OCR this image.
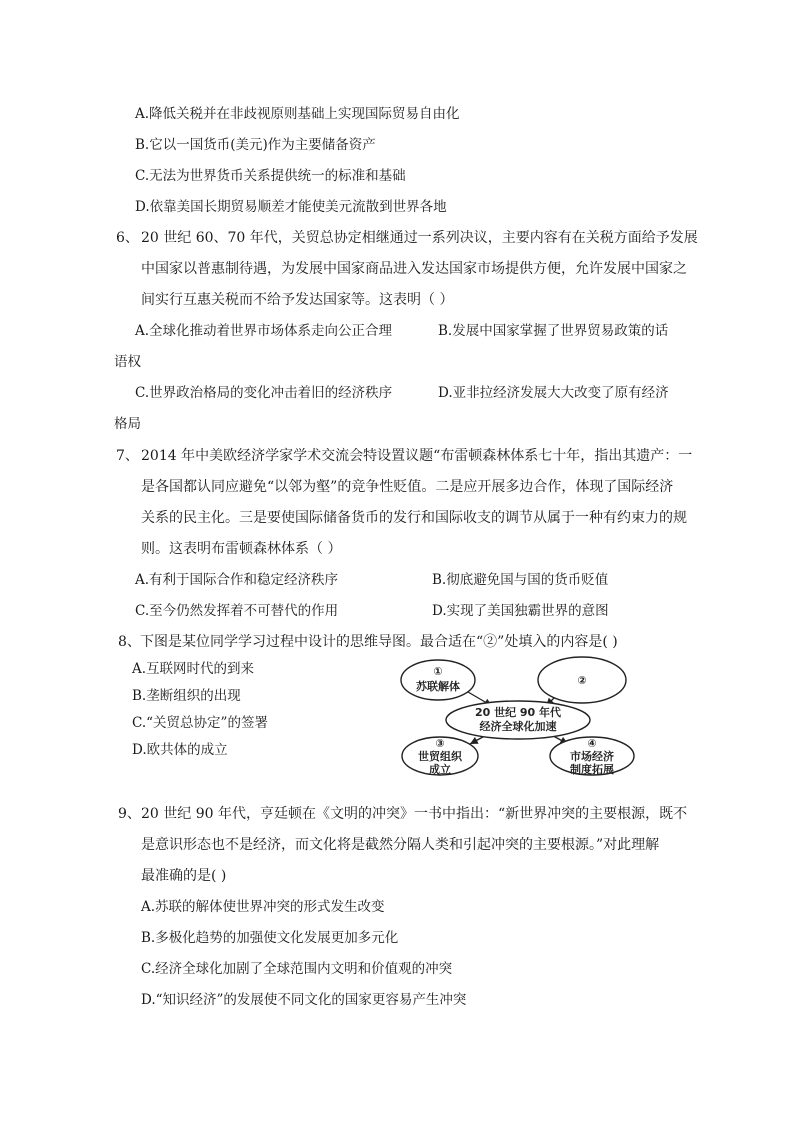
A.降低关税并在非歧视原则基础上实现国际贸易自由化
B.它以一国货币(美元)作为主要储备资产
C.无法为世界货币关系提供统一的标准和基础
D.依靠美国长期贸易顺差才能使美元流散到世界各地
6、 20 世纪 60、70 年代，关贸总协定相继通过一系列决议，主要内容有在关税方面给予发展
中国家以普惠制待遇，为发展中国家商品进入发达国家市场提供方便，允许发展中国家之
间实行互惠关税而不给予发达国家等。这表明（ ）
A.全球化推动着世界市场体系走向公正合理	B.发展中国家掌握了世界贸易政策的话
语权
C.世界政治格局的变化冲击着旧的经济秩序	D.亚非拉经济发展大大改变了原有经济
格局
7、 2014 年中美欧经济学家学术交流会特设置议题“布雷顿森林体系七十年，指出其遗产：一
是各国都认同应避免“以邻为壑”的竞争性贬值。二是应开展多边合作，体现了国际经济
关系的民主化。三是要使国际储备货币的发行和国际收支的调节从属于一种有约束力的规
则。这表明布雷顿森林体系（ ）
A.有利于国际合作和稳定经济秩序	B.彻底避免国与国的货币贬值
C.至今仍然发挥着不可替代的作用	D.实现了美国独霸世界的意图
8、 下图是某位同学学习过程中设计的思维导图。最合适在“②”处填入的内容是( )
A.互联网时代的到来
B.垄断组织的出现
C.“关贸总协定”的签署
D.欧共体的成立
①
苏联解体	②
20 世纪 90 年代
经济全球化加速
③
世贸组织
成立
④
市场经济
制度拓展
9、 20 世纪 90 年代，亨廷顿在《文明的冲突》一书中指出：“新世界冲突的主要根源，既不
是意识形态也不是经济，而文化将是截然分隔人类和引起冲突的主要根源。”对此理解
最准确的是( )
A.苏联的解体使世界冲突的形式发生改变
B.多极化趋势的加强使文化发展更加多元化
C.经济全球化加剧了全球范围内文明和价值观的冲突
D.“知识经济”的发展使不同文化的国家更容易产生冲突
